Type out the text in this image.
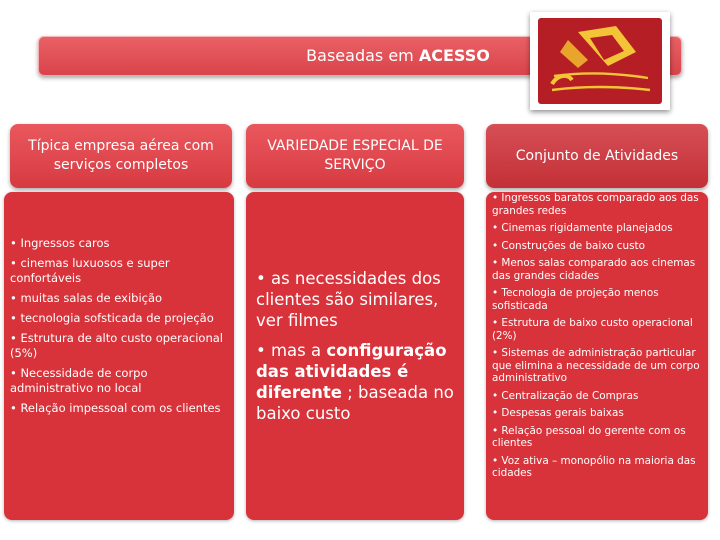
Baseadas em ACESSO
Típica empresa aérea com serviços completos
VARIEDADE ESPECIAL DE SERVIÇO
Conjunto de Atividades
• Ingressos caros
• cinemas luxuosos e super confortáveis
• muitas salas de exibição
• tecnologia sofsticada de projeção
• Estrutura de alto custo operacional (5%)
• Necessidade de corpo administrativo no local
• Relação impessoal com os clientes
• as necessidades dos clientes são similares, ver filmes
• mas a configuração das atividades é diferente ; baseada no baixo custo
• Ingressos baratos comparado aos das grandes redes
• Cinemas rigidamente planejados
• Construções de baixo custo
• Menos salas comparado aos cinemas das grandes cidades
• Tecnologia de projeção menos sofisticada
• Estrutura de baixo custo operacional (2%)
• Sistemas de administração particular que elimina a necessidade de um corpo administrativo
• Centralização de Compras
• Despesas gerais baixas
• Relação pessoal do gerente com os clientes
• Voz ativa – monopólio na maioria das cidades
